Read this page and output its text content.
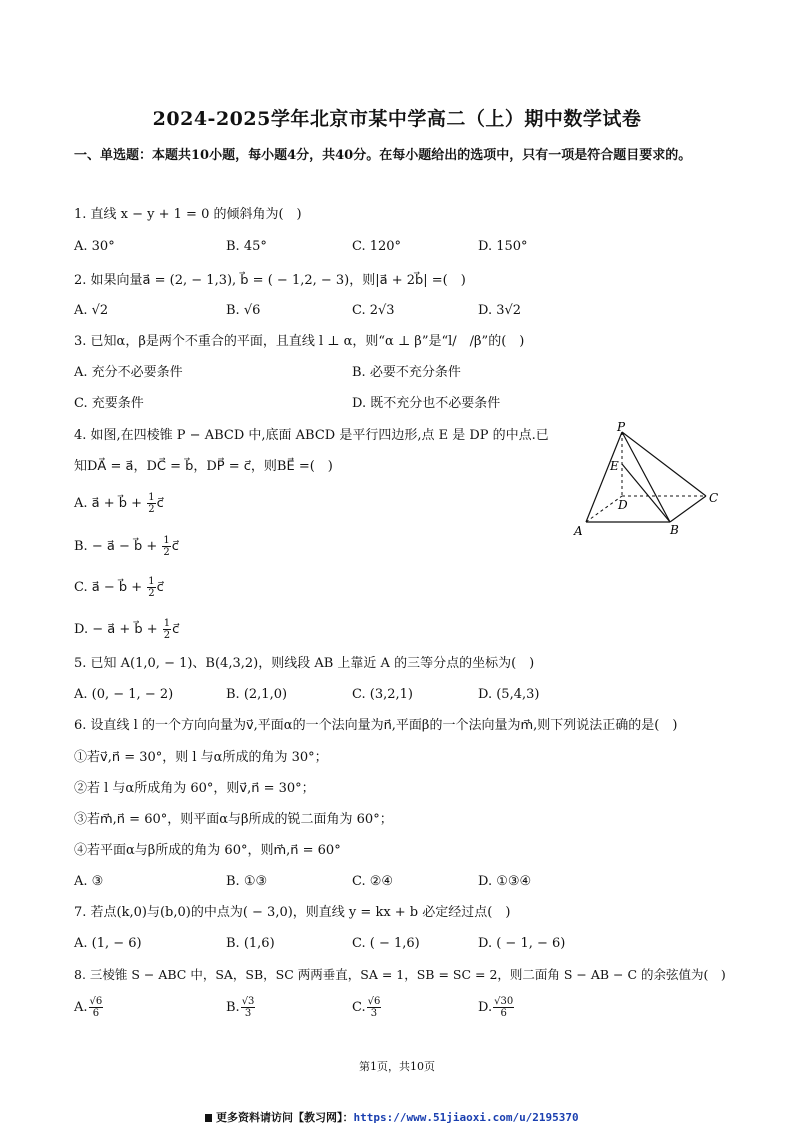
2024-2025学年北京市某中学高二（上）期中数学试卷
一、单选题：本题共10小题，每小题4分，共40分。在每小题给出的选项中，只有一项是符合题目要求的。
1. 直线 x − y + 1 = 0 的倾斜角为(　)
A. 30°	B. 45°	C. 120°	D. 150°
2. 如果向量a⃗ = (2, − 1,3), b⃗ = ( − 1,2, − 3)，则|a⃗ + 2b⃗| =(　)
A. √2	B. √6	C. 2√3	D. 3√2
3. 已知α，β是两个不重合的平面，且直线 l ⊥ α，则“α ⊥ β”是“l/　/β”的(　)
A. 充分不必要条件	B. 必要不充分条件
C. 充要条件	D. 既不充分也不必要条件
4. 如图,在四棱锥 P − ABCD 中,底面 ABCD 是平行四边形,点 E 是 DP 的中点.已
知DA⃗ = a⃗，DC⃗ = b⃗，DP⃗ = c⃗，则BE⃗ =(　)
A. a⃗ + b⃗ + $\frac{1}{2}$ c⃗
B. − a⃗ − b⃗ + $\frac{1}{2}$ c⃗
C. a⃗ − b⃗ + $\frac{1}{2}$ c⃗
D. − a⃗ + b⃗ + $\frac{1}{2}$ c⃗
P
E
D	C
A	B
5. 已知 A(1,0, − 1)、B(4,3,2)，则线段 AB 上靠近 A 的三等分点的坐标为(　)
A. (0, − 1, − 2)	B. (2,1,0)	C. (3,2,1)	D. (5,4,3)
6. 设直线 l 的一个方向向量为v⃗,平面α的一个法向量为n⃗,平面β的一个法向量为m⃗,则下列说法正确的是(　)
①若v⃗,n⃗ = 30°，则 l 与α所成的角为 30°；
②若 l 与α所成角为 60°，则v⃗,n⃗ = 30°；
③若m⃗,n⃗ = 60°，则平面α与β所成的锐二面角为 60°；
④若平面α与β所成的角为 60°，则m⃗,n⃗ = 60°
A. ③	B. ①③	C. ②④	D. ①③④
7. 若点(k,0)与(b,0)的中点为( − 3,0)，则直线 y = kx + b 必定经过点(　)
A. (1, − 6)	B. (1,6)	C. ( − 1,6)	D. ( − 1, − 6)
8. 三棱锥 S − ABC 中，SA，SB，SC 两两垂直，SA = 1，SB = SC = 2，则二面角 S − AB − C 的余弦值为(　)
A. $\frac{√6}{6}$	B. $\frac{√3}{3}$	C. $\frac{√6}{3}$	D. $\frac{√30}{6}$
第1页，共10页
更多资料请访问【教习网】：https://www.51jiaoxi.com/u/2195370
